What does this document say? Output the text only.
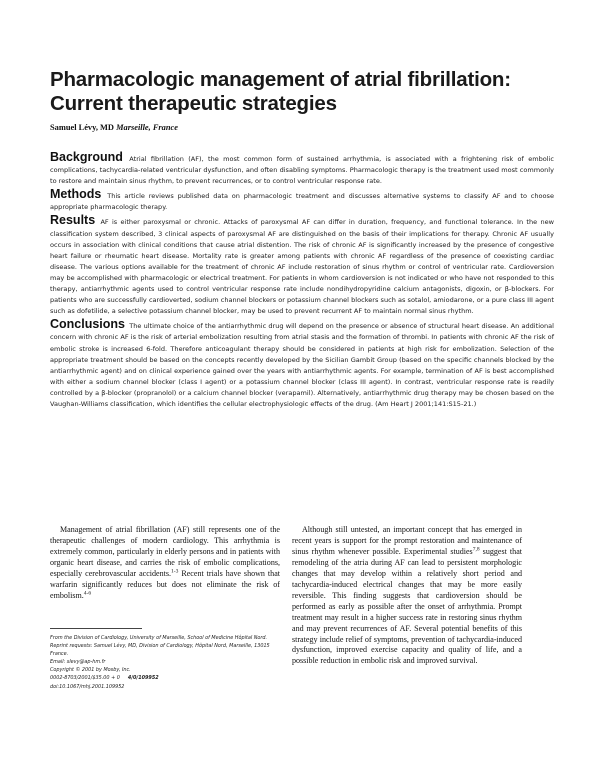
Pharmacologic management of atrial fibrillation: Current therapeutic strategies
Samuel Lévy, MD Marseille, France

Background Atrial fibrillation (AF), the most common form of sustained arrhythmia, is associated with a frightening risk of embolic complications, tachycardia-related ventricular dysfunction, and often disabling symptoms. Pharmacologic therapy is the treatment used most commonly to restore and maintain sinus rhythm, to prevent recurrences, or to control ventricular response rate.

Methods This article reviews published data on pharmacologic treatment and discusses alternative systems to classify AF and to choose appropriate pharmacologic therapy.

Results AF is either paroxysmal or chronic. Attacks of paroxysmal AF can differ in duration, frequency, and functional tolerance. In the new classification system described, 3 clinical aspects of paroxysmal AF are distinguished on the basis of their implications for therapy. Chronic AF usually occurs in association with clinical conditions that cause atrial distention. The risk of chronic AF is significantly increased by the presence of congestive heart failure or rheumatic heart disease. Mortality rate is greater among patients with chronic AF regardless of the presence of coexisting cardiac disease. The various options available for the treatment of chronic AF include restoration of sinus rhythm or control of ventricular rate. Cardioversion may be accomplished with pharmacologic or electrical treatment. For patients in whom cardioversion is not indicated or who have not responded to this therapy, antiarrhythmic agents used to control ventricular response rate include nondihydropyridine calcium antagonists, digoxin, or β-blockers. For patients who are successfully cardioverted, sodium channel blockers or potassium channel blockers such as sotalol, amiodarone, or a pure class III agent such as dofetilide, a selective potassium channel blocker, may be used to prevent recurrent AF to maintain normal sinus rhythm.

Conclusions The ultimate choice of the antiarrhythmic drug will depend on the presence or absence of structural heart disease. An additional concern with chronic AF is the risk of arterial embolization resulting from atrial stasis and the formation of thrombi. In patients with chronic AF the risk of embolic stroke is increased 6-fold. Therefore anticoagulant therapy should be considered in patients at high risk for embolization. Selection of the appropriate treatment should be based on the concepts recently developed by the Sicilian Gambit Group (based on the specific channels blocked by the antiarrhythmic agent) and on clinical experience gained over the years with antiarrhythmic agents. For example, termination of AF is best accomplished with either a sodium channel blocker (class I agent) or a potassium channel blocker (class III agent). In contrast, ventricular response rate is readily controlled by a β-blocker (propranolol) or a calcium channel blocker (verapamil). Alternatively, antiarrhythmic drug therapy may be chosen based on the Vaughan-Williams classification, which identifies the cellular electrophysiologic effects of the drug. (Am Heart J 2001;141:S15-21.)

Management of atrial fibrillation (AF) still represents one of the therapeutic challenges of modern cardiology. This arrhythmia is extremely common, particularly in elderly persons and in patients with organic heart disease, and carries the risk of embolic complications, especially cerebrovascular accidents.$^{1-3}$ Recent trials have shown that warfarin significantly reduces but does not eliminate the risk of embolism.$^{4-6}$

Although still untested, an important concept that has emerged in recent years is support for the prompt restoration and maintenance of sinus rhythm whenever possible. Experimental studies$^{7,8}$ suggest that remodeling of the atria during AF can lead to persistent morphologic changes that may develop within a relatively short period and tachycardia-induced electrical changes that may be more easily reversible. This finding suggests that cardioversion should be performed as early as possible after the onset of arrhythmia. Prompt treatment may result in a higher success rate in restoring sinus rhythm and may prevent recurrences of AF. Several potential benefits of this strategy include relief of symptoms, prevention of tachycardia-induced dysfunction, improved exercise capacity and quality of life, and a possible reduction in embolic risk and improved survival.

From the Division of Cardiology, University of Marseille, School of Medicine Hôpital Nord.
Reprint requests: Samuel Lévy, MD, Division of Cardiology, Hôpital Nord, Marseille, 13015 France.
Email: slevy@ap-hm.fr
Copyright © 2001 by Mosby, Inc.
0002-8703/2001/$35.00 + 0 4/0/109952
doi:10.1067/mhj.2001.109952
